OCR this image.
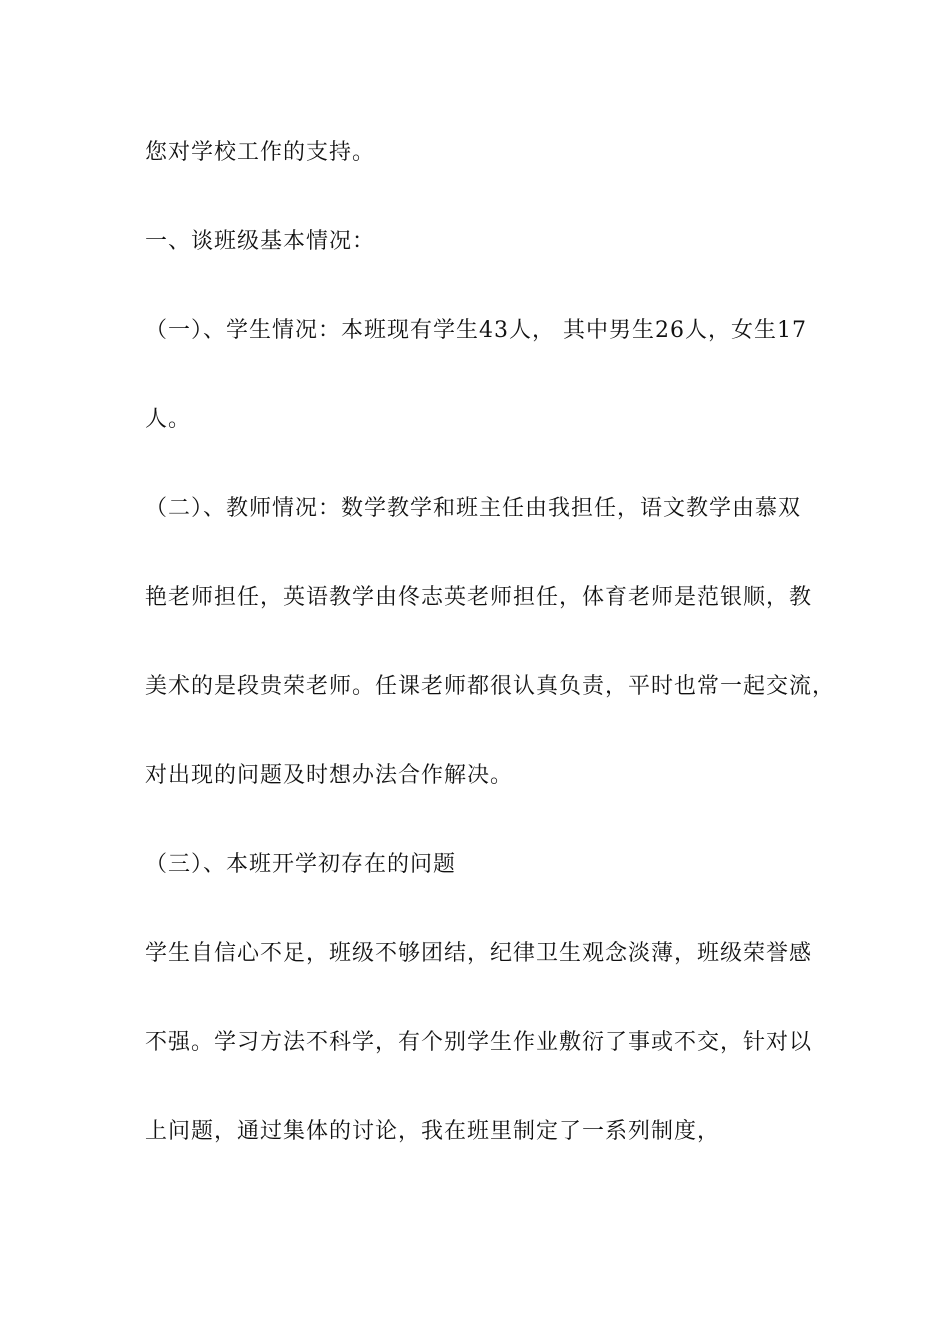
您对学校工作的支持。
一、谈班级基本情况：
（一）、学生情况：本班现有学生43人， 其中男生26人，女生17
人。
（二）、教师情况：数学教学和班主任由我担任，语文教学由慕双
艳老师担任，英语教学由佟志英老师担任，体育老师是范银顺，教
美术的是段贵荣老师。任课老师都很认真负责，平时也常一起交流，
对出现的问题及时想办法合作解决。
（三）、本班开学初存在的问题
学生自信心不足，班级不够团结，纪律卫生观念淡薄，班级荣誉感
不强。学习方法不科学，有个别学生作业敷衍了事或不交，针对以
上问题，通过集体的讨论，我在班里制定了一系列制度，
